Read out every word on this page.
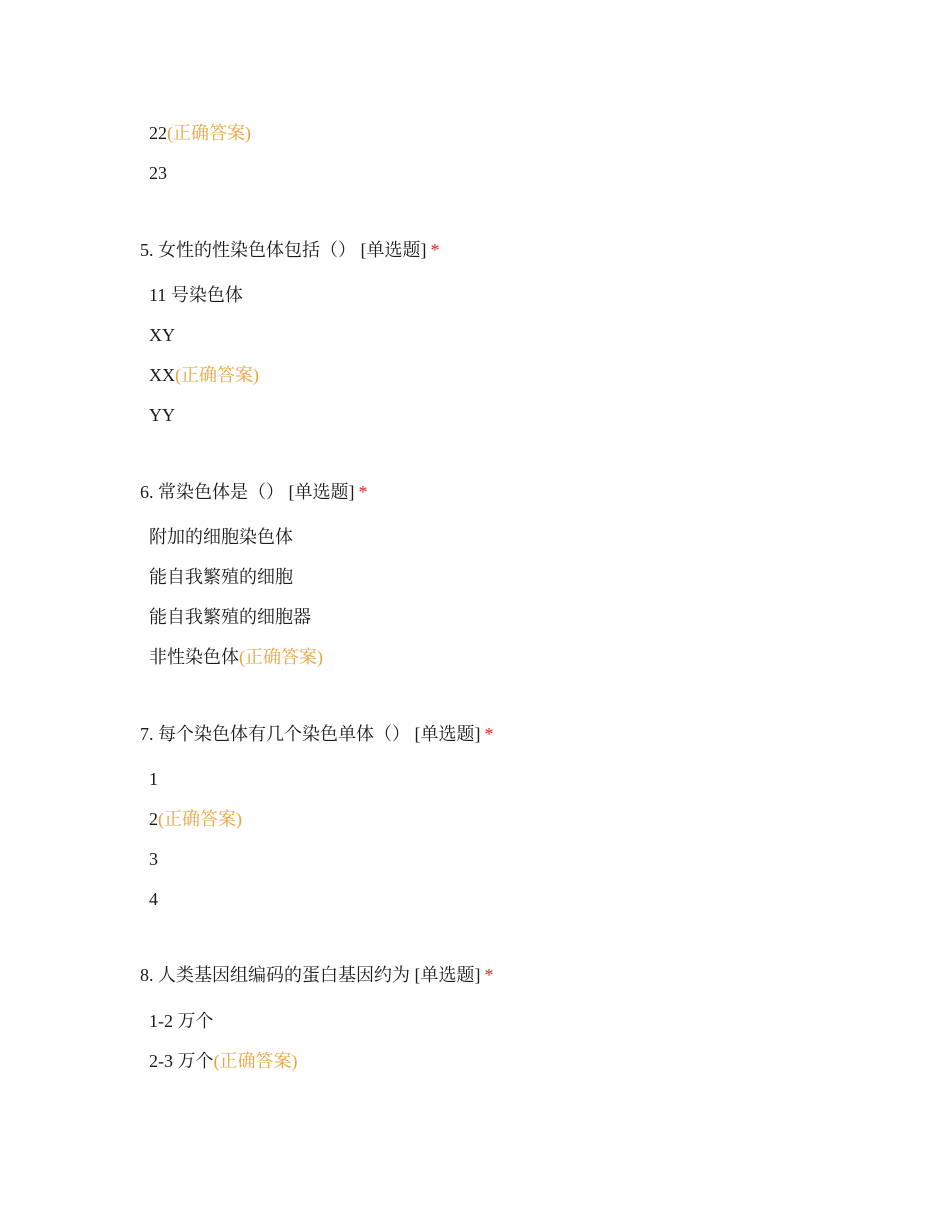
22(正确答案)
23
5. 女性的性染色体包括（） [单选题] *
11 号染色体
XY
XX(正确答案)
YY
6. 常染色体是（） [单选题] *
附加的细胞染色体
能自我繁殖的细胞
能自我繁殖的细胞器
非性染色体(正确答案)
7. 每个染色体有几个染色单体（） [单选题] *
1
2(正确答案)
3
4
8. 人类基因组编码的蛋白基因约为 [单选题] *
1-2 万个
2-3 万个(正确答案)
